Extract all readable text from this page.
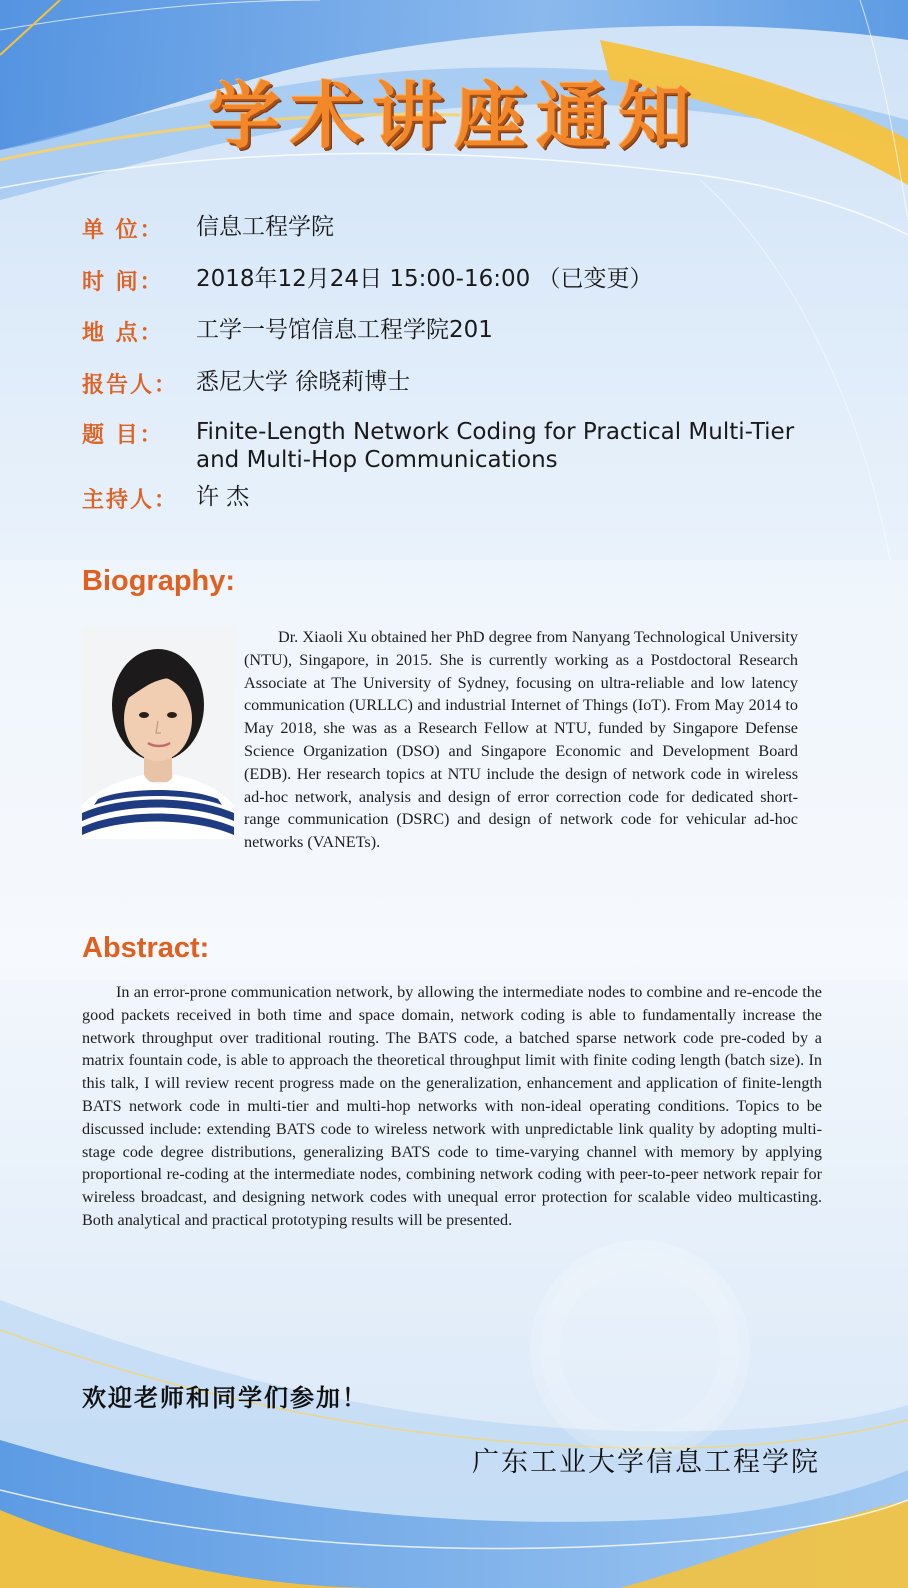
学术讲座通知
单 位：	信息工程学院
时 间：	2018年12月24日 15:00-16:00 （已变更）
地 点：	工学一号馆信息工程学院201
报告人： 悉尼大学 徐晓莉博士
题 目：	Finite-Length Network Coding for Practical Multi-Tier and Multi-Hop Communications
主持人： 许 杰
Biography:
Dr. Xiaoli Xu obtained her PhD degree from Nanyang Technological University (NTU), Singapore, in 2015. She is currently working as a Postdoctoral Research Associate at The University of Sydney, focusing on ultra-reliable and low latency communication (URLLC) and industrial Internet of Things (IoT). From May 2014 to May 2018, she was as a Research Fellow at NTU, funded by Singapore Defense Science Organization (DSO) and Singapore Economic and Development Board (EDB). Her research topics at NTU include the design of network code in wireless ad-hoc network, analysis and design of error correction code for dedicated short-range communication (DSRC) and design of network code for vehicular ad-hoc networks (VANETs).
Abstract:
In an error-prone communication network, by allowing the intermediate nodes to combine and re-encode the good packets received in both time and space domain, network coding is able to fundamentally increase the network throughput over traditional routing. The BATS code, a batched sparse network code pre-coded by a matrix fountain code, is able to approach the theoretical throughput limit with finite coding length (batch size). In this talk, I will review recent progress made on the generalization, enhancement and application of finite-length BATS network code in multi-tier and multi-hop networks with non-ideal operating conditions. Topics to be discussed include: extending BATS code to wireless network with unpredictable link quality by adopting multi-stage code degree distributions, generalizing BATS code to time-varying channel with memory by applying proportional re-coding at the intermediate nodes, combining network coding with peer-to-peer network repair for wireless broadcast, and designing network codes with unequal error protection for scalable video multicasting. Both analytical and practical prototyping results will be presented.
欢迎老师和同学们参加！
广东工业大学信息工程学院
